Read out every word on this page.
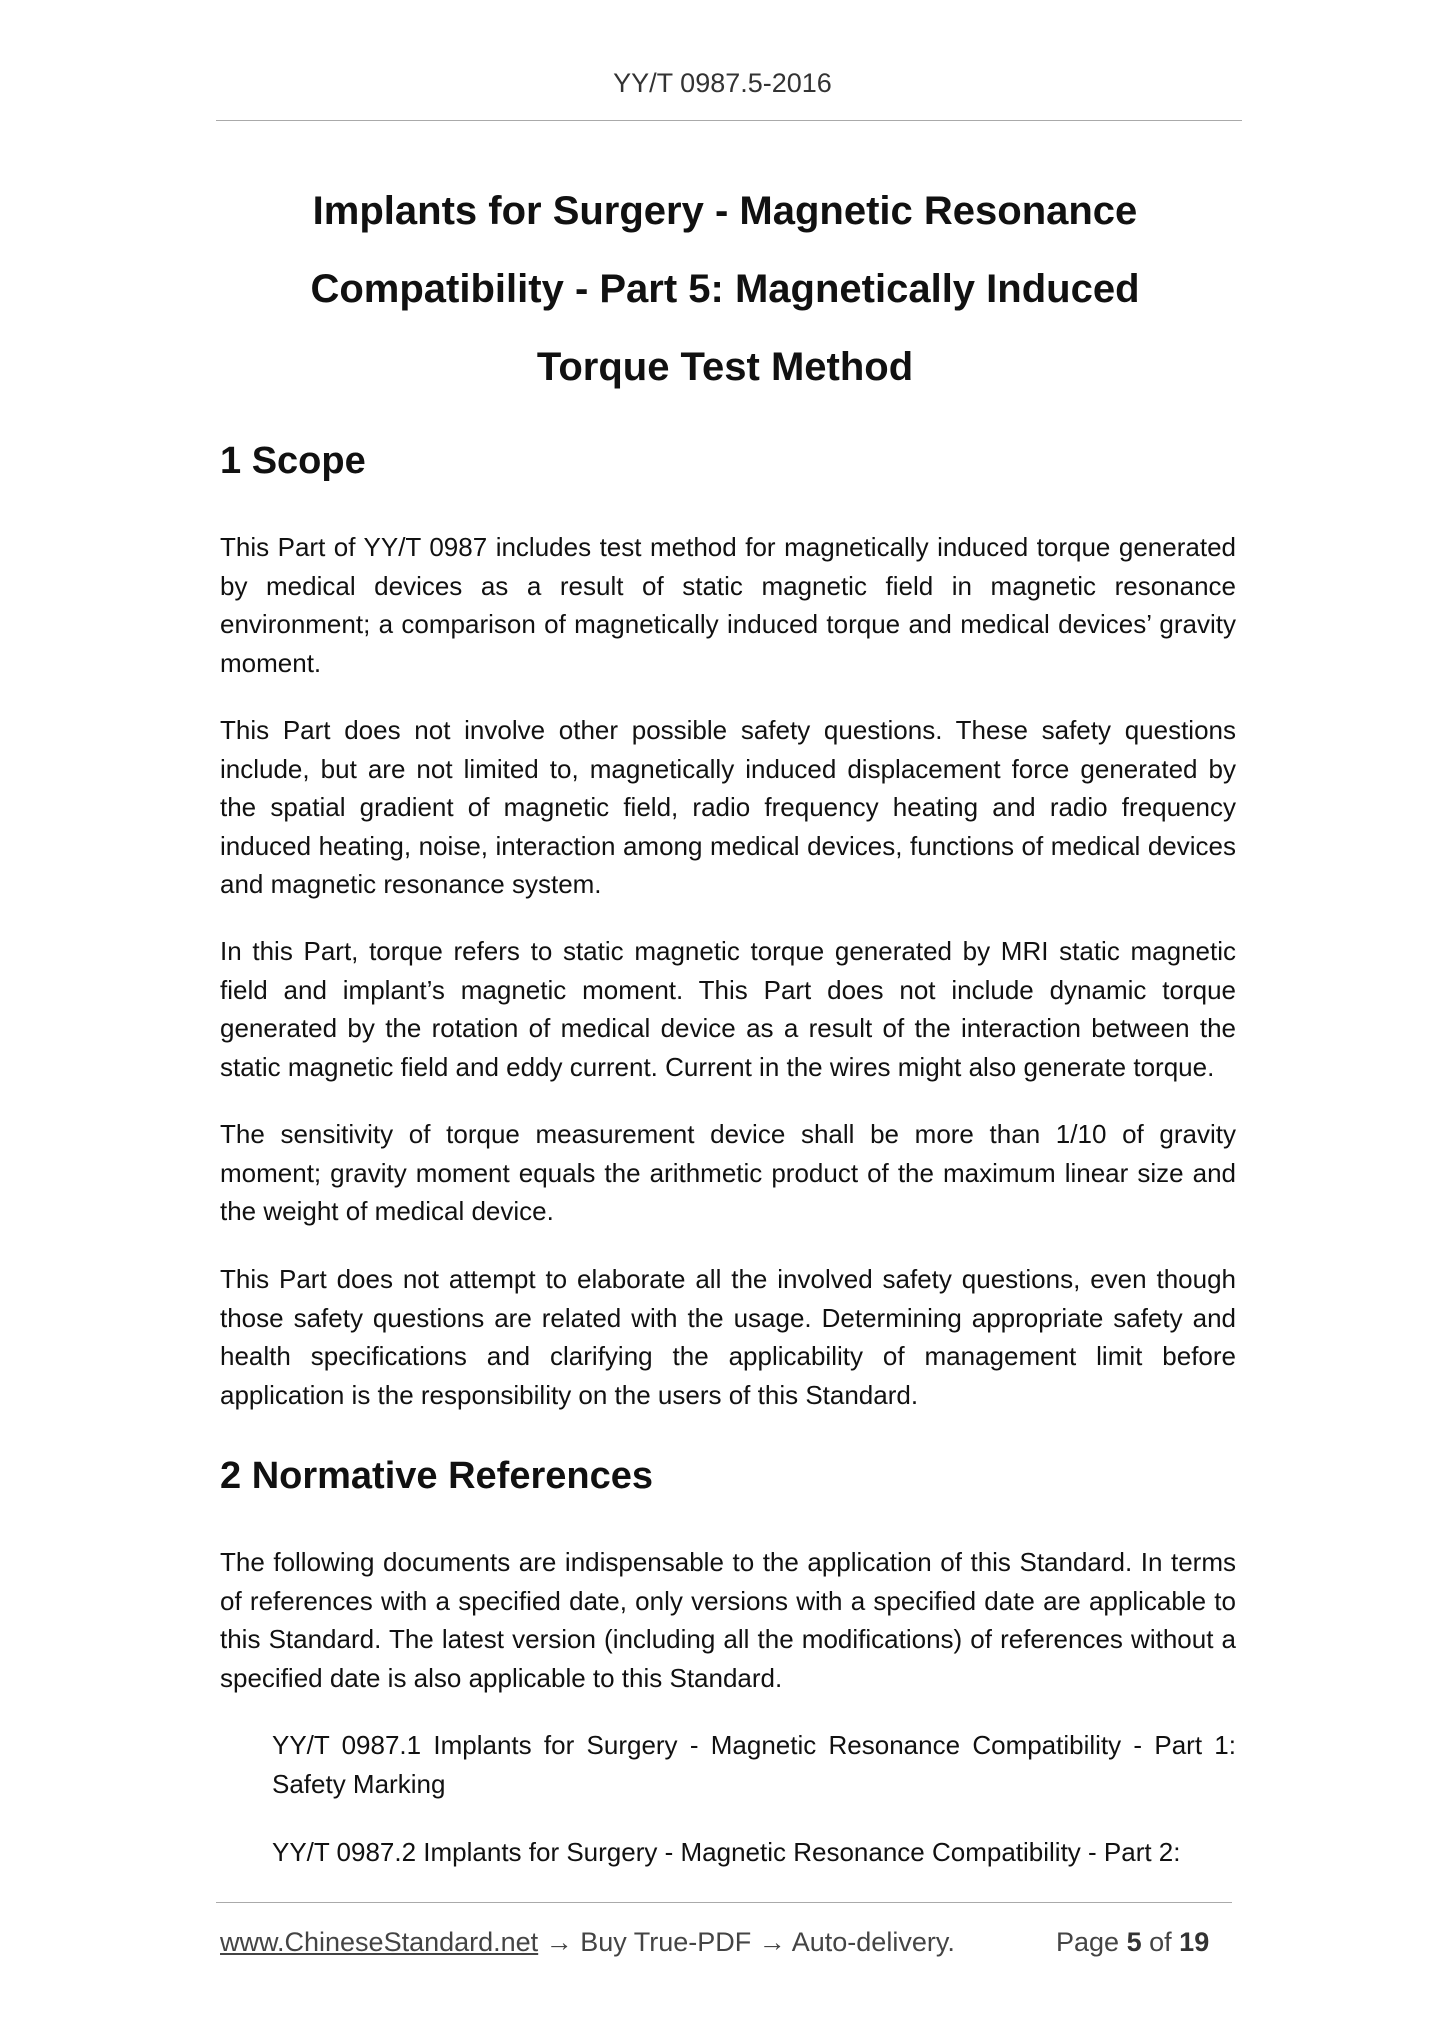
YY/T 0987.5-2016
Implants for Surgery - Magnetic Resonance
Compatibility - Part 5: Magnetically Induced
Torque Test Method
1 Scope

This Part of YY/T 0987 includes test method for magnetically induced torque generated by medical devices as a result of static magnetic field in magnetic resonance environment; a comparison of magnetically induced torque and medical devices’ gravity moment.

This Part does not involve other possible safety questions. These safety questions include, but are not limited to, magnetically induced displacement force generated by the spatial gradient of magnetic field, radio frequency heating and radio frequency induced heating, noise, interaction among medical devices, functions of medical devices and magnetic resonance system.

In this Part, torque refers to static magnetic torque generated by MRI static magnetic field and implant’s magnetic moment. This Part does not include dynamic torque generated by the rotation of medical device as a result of the interaction between the static magnetic field and eddy current. Current in the wires might also generate torque.

The sensitivity of torque measurement device shall be more than 1/10 of gravity moment; gravity moment equals the arithmetic product of the maximum linear size and the weight of medical device.

This Part does not attempt to elaborate all the involved safety questions, even though those safety questions are related with the usage. Determining appropriate safety and health specifications and clarifying the applicability of management limit before application is the responsibility on the users of this Standard.

2 Normative References

The following documents are indispensable to the application of this Standard. In terms of references with a specified date, only versions with a specified date are applicable to this Standard. The latest version (including all the modifications) of references without a specified date is also applicable to this Standard.

YY/T 0987.1 Implants for Surgery - Magnetic Resonance Compatibility - Part 1: Safety Marking

YY/T 0987.2 Implants for Surgery - Magnetic Resonance Compatibility - Part 2:

www.ChineseStandard.net → Buy True-PDF → Auto-delivery.	Page 5 of 19
